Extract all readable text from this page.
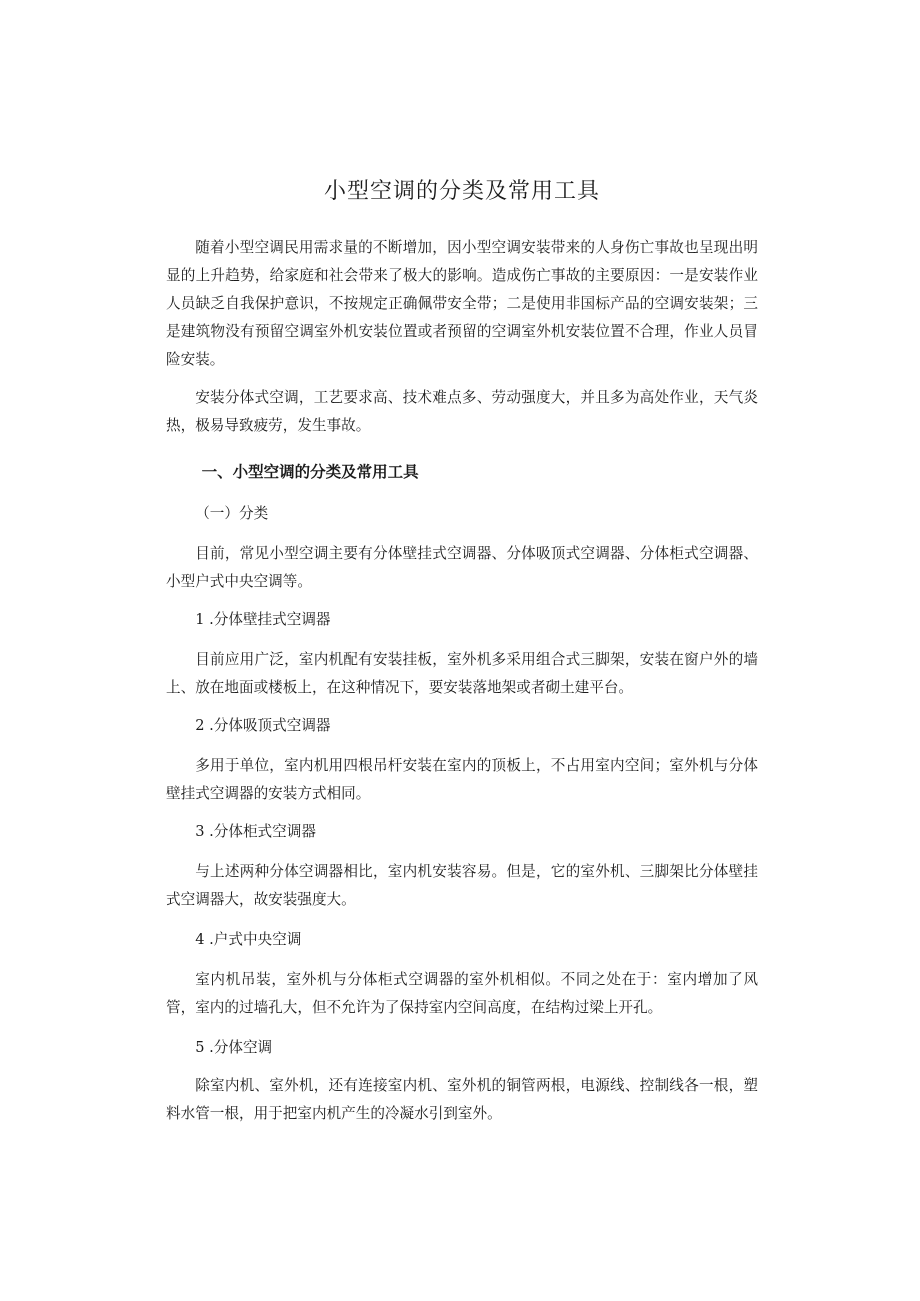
小型空调的分类及常用工具

随着小型空调民用需求量的不断增加，因小型空调安装带来的人身伤亡事故也呈现出明显的上升趋势，给家庭和社会带来了极大的影响。造成伤亡事故的主要原因：一是安装作业人员缺乏自我保护意识，不按规定正确佩带安全带；二是使用非国标产品的空调安装架；三是建筑物没有预留空调室外机安装位置或者预留的空调室外机安装位置不合理，作业人员冒险安装。

安装分体式空调，工艺要求高、技术难点多、劳动强度大，并且多为高处作业，天气炎热，极易导致疲劳，发生事故。

一、小型空调的分类及常用工具

（一）分类

目前，常见小型空调主要有分体壁挂式空调器、分体吸顶式空调器、分体柜式空调器、小型户式中央空调等。

1 .分体壁挂式空调器

目前应用广泛，室内机配有安装挂板，室外机多采用组合式三脚架，安装在窗户外的墙上、放在地面或楼板上，在这种情况下，要安装落地架或者砌土建平台。

2 .分体吸顶式空调器

多用于单位，室内机用四根吊杆安装在室内的顶板上，不占用室内空间；室外机与分体壁挂式空调器的安装方式相同。

3 .分体柜式空调器

与上述两种分体空调器相比，室内机安装容易。但是，它的室外机、三脚架比分体壁挂式空调器大，故安装强度大。

4 .户式中央空调

室内机吊装，室外机与分体柜式空调器的室外机相似。不同之处在于：室内增加了风管，室内的过墙孔大，但不允许为了保持室内空间高度，在结构过梁上开孔。

5 .分体空调

除室内机、室外机，还有连接室内机、室外机的铜管两根，电源线、控制线各一根，塑料水管一根，用于把室内机产生的冷凝水引到室外。
